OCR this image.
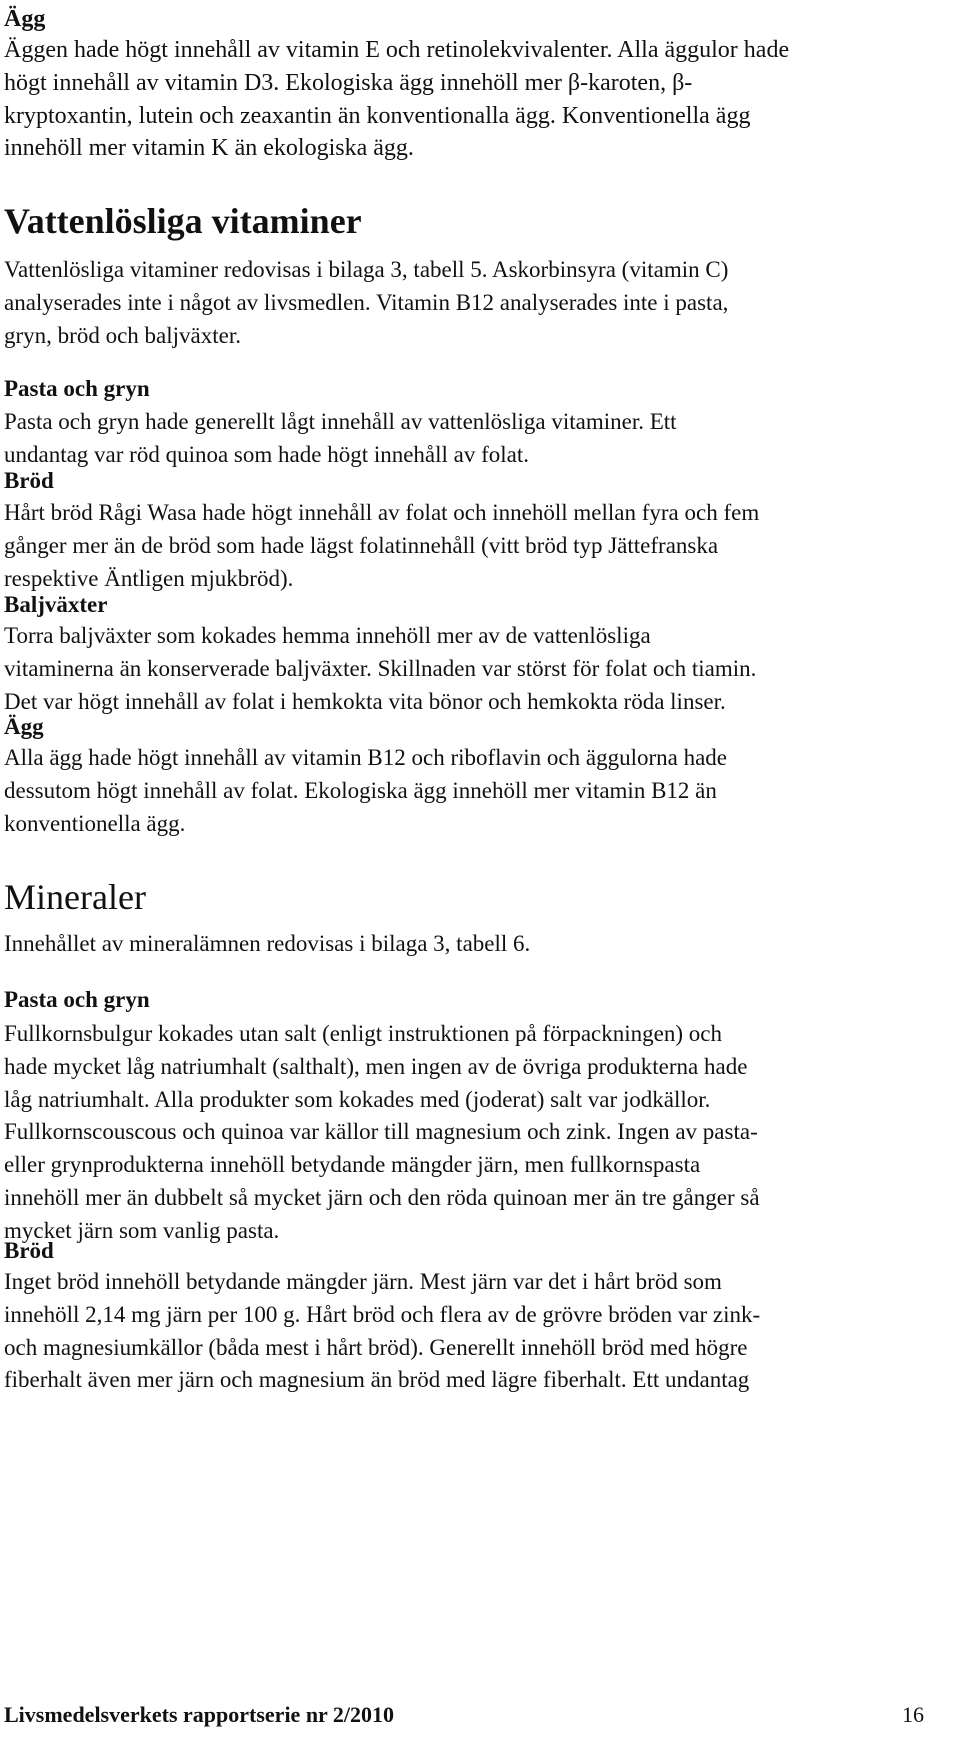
Ägg
Äggen hade högt innehåll av vitamin E och retinolekvivalenter. Alla äggulor hade
högt innehåll av vitamin D3. Ekologiska ägg innehöll mer β-karoten, β-
kryptoxantin, lutein och zeaxantin än konventionalla ägg. Konventionella ägg
innehöll mer vitamin K än ekologiska ägg.
Vattenlösliga vitaminer
Vattenlösliga vitaminer redovisas i bilaga 3, tabell 5. Askorbinsyra (vitamin C)
analyserades inte i något av livsmedlen. Vitamin B12 analyserades inte i pasta,
gryn, bröd och baljväxter.
Pasta och gryn
Pasta och gryn hade generellt lågt innehåll av vattenlösliga vitaminer. Ett
undantag var röd quinoa som hade högt innehåll av folat.
Bröd
Hårt bröd Rågi Wasa hade högt innehåll av folat och innehöll mellan fyra och fem
gånger mer än de bröd som hade lägst folatinnehåll (vitt bröd typ Jättefranska
respektive Äntligen mjukbröd).
Baljväxter
Torra baljväxter som kokades hemma innehöll mer av de vattenlösliga
vitaminerna än konserverade baljväxter. Skillnaden var störst för folat och tiamin.
Det var högt innehåll av folat i hemkokta vita bönor och hemkokta röda linser.
Ägg
Alla ägg hade högt innehåll av vitamin B12 och riboflavin och äggulorna hade
dessutom högt innehåll av folat. Ekologiska ägg innehöll mer vitamin B12 än
konventionella ägg.
Mineraler
Innehållet av mineralämnen redovisas i bilaga 3, tabell 6.
Pasta och gryn
Fullkornsbulgur kokades utan salt (enligt instruktionen på förpackningen) och
hade mycket låg natriumhalt (salthalt), men ingen av de övriga produkterna hade
låg natriumhalt. Alla produkter som kokades med (joderat) salt var jodkällor.
Fullkornscouscous och quinoa var källor till magnesium och zink. Ingen av pasta-
eller grynprodukterna innehöll betydande mängder järn, men fullkornspasta
innehöll mer än dubbelt så mycket järn och den röda quinoan mer än tre gånger så
mycket järn som vanlig pasta.
Bröd
Inget bröd innehöll betydande mängder järn. Mest järn var det i hårt bröd som
innehöll 2,14 mg järn per 100 g. Hårt bröd och flera av de grövre bröden var zink-
och magnesiumkällor (båda mest i hårt bröd). Generellt innehöll bröd med högre
fiberhalt även mer järn och magnesium än bröd med lägre fiberhalt. Ett undantag
Livsmedelsverkets rapportserie nr 2/2010	16
